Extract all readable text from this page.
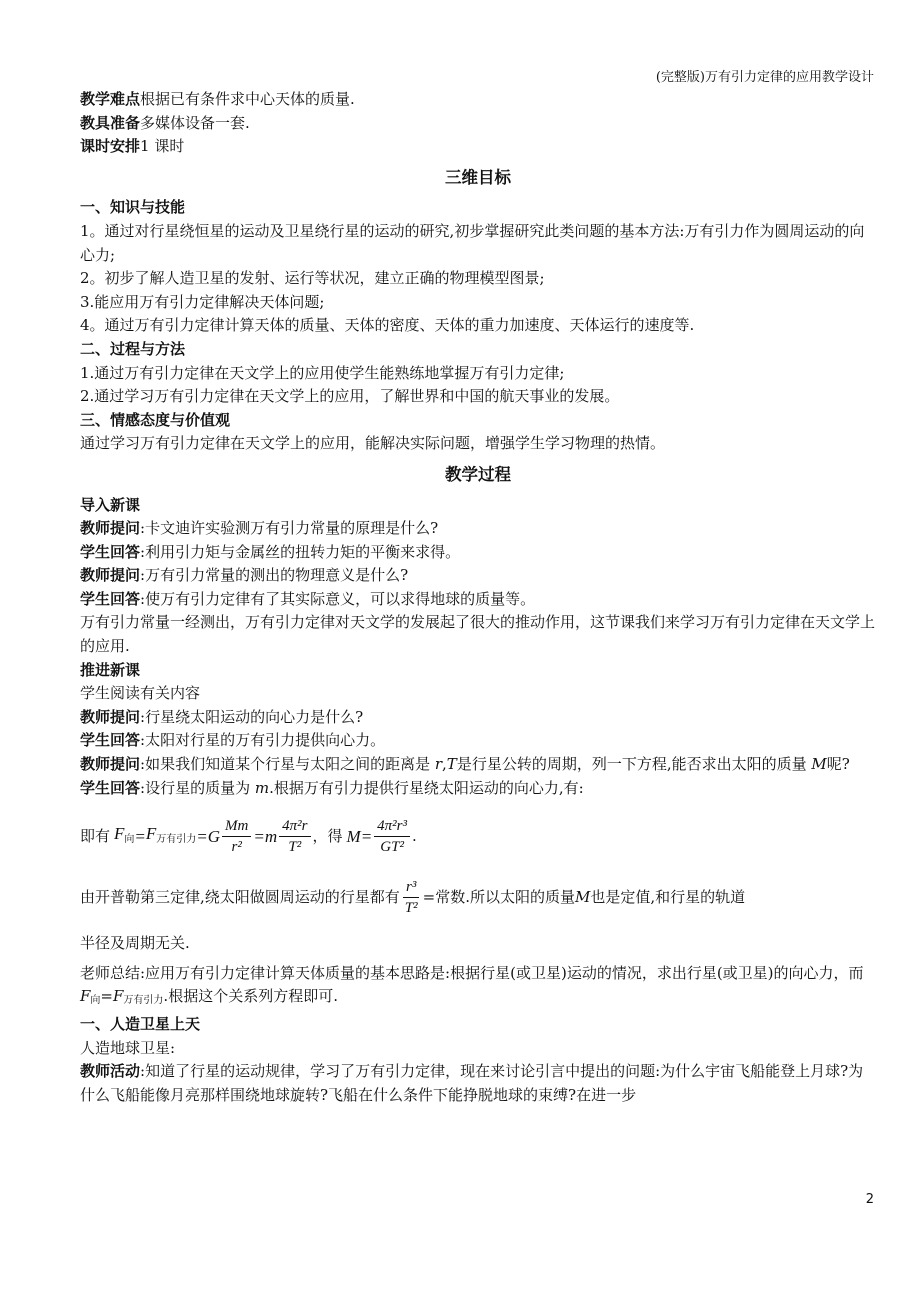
(完整版)万有引力定律的应用教学设计

教学难点根据已有条件求中心天体的质量.

教具准备多媒体设备一套.

课时安排1 课时

三维目标

一、知识与技能

1。通过对行星绕恒星的运动及卫星绕行星的运动的研究,初步掌握研究此类问题的基本方法:万有引力作为圆周运动的向心力;

2。初步了解人造卫星的发射、运行等状况，建立正确的物理模型图景;

3.能应用万有引力定律解决天体问题;

4。通过万有引力定律计算天体的质量、天体的密度、天体的重力加速度、天体运行的速度等.

二、过程与方法

1.通过万有引力定律在天文学上的应用使学生能熟练地掌握万有引力定律;

2.通过学习万有引力定律在天文学上的应用，了解世界和中国的航天事业的发展。

三、情感态度与价值观

通过学习万有引力定律在天文学上的应用，能解决实际问题，增强学生学习物理的热情。

教学过程

导入新课

教师提问:卡文迪许实验测万有引力常量的原理是什么?

学生回答:利用引力矩与金属丝的扭转力矩的平衡来求得。

教师提问:万有引力常量的测出的物理意义是什么?

学生回答:使万有引力定律有了其实际意义，可以求得地球的质量等。

万有引力常量一经测出，万有引力定律对天文学的发展起了很大的推动作用，这节课我们来学习万有引力定律在天文学上的应用.

推进新课

学生阅读有关内容

教师提问:行星绕太阳运动的向心力是什么?

学生回答:太阳对行星的万有引力提供向心力。

教师提问:如果我们知道某个行星与太阳之间的距离是 r,T是行星公转的周期，列一下方程,能否求出太阳的质量 M呢?

学生回答:设行星的质量为 m.根据万有引力提供行星绕太阳运动的向心力,有:

即有 $F_向 = F_{万有引力} = G \frac{Mm}{\text{r²}} = m \frac{\text{4π²r}}{\text{T²}}$ ，得 $M = \frac{\text{4π²r³}}{\text{GT²}}$ .

由开普勒第三定律,绕太阳做圆周运动的行星都有 $\frac{\text{r³}}{\text{T²}}$ =常数.所以太阳的质量 M 也是定值,和行星的轨道

半径及周期无关.

老师总结:应用万有引力定律计算天体质量的基本思路是:根据行星(或卫星)运动的情况，求出行星(或卫星)的向心力，而 F向=F万有引力.根据这个关系列方程即可.

一、人造卫星上天

人造地球卫星:

教师活动:知道了行星的运动规律，学习了万有引力定律，现在来讨论引言中提出的问题:为什么宇宙飞船能登上月球?为什么飞船能像月亮那样围绕地球旋转?飞船在什么条件下能挣脱地球的束缚?在进一步

2
